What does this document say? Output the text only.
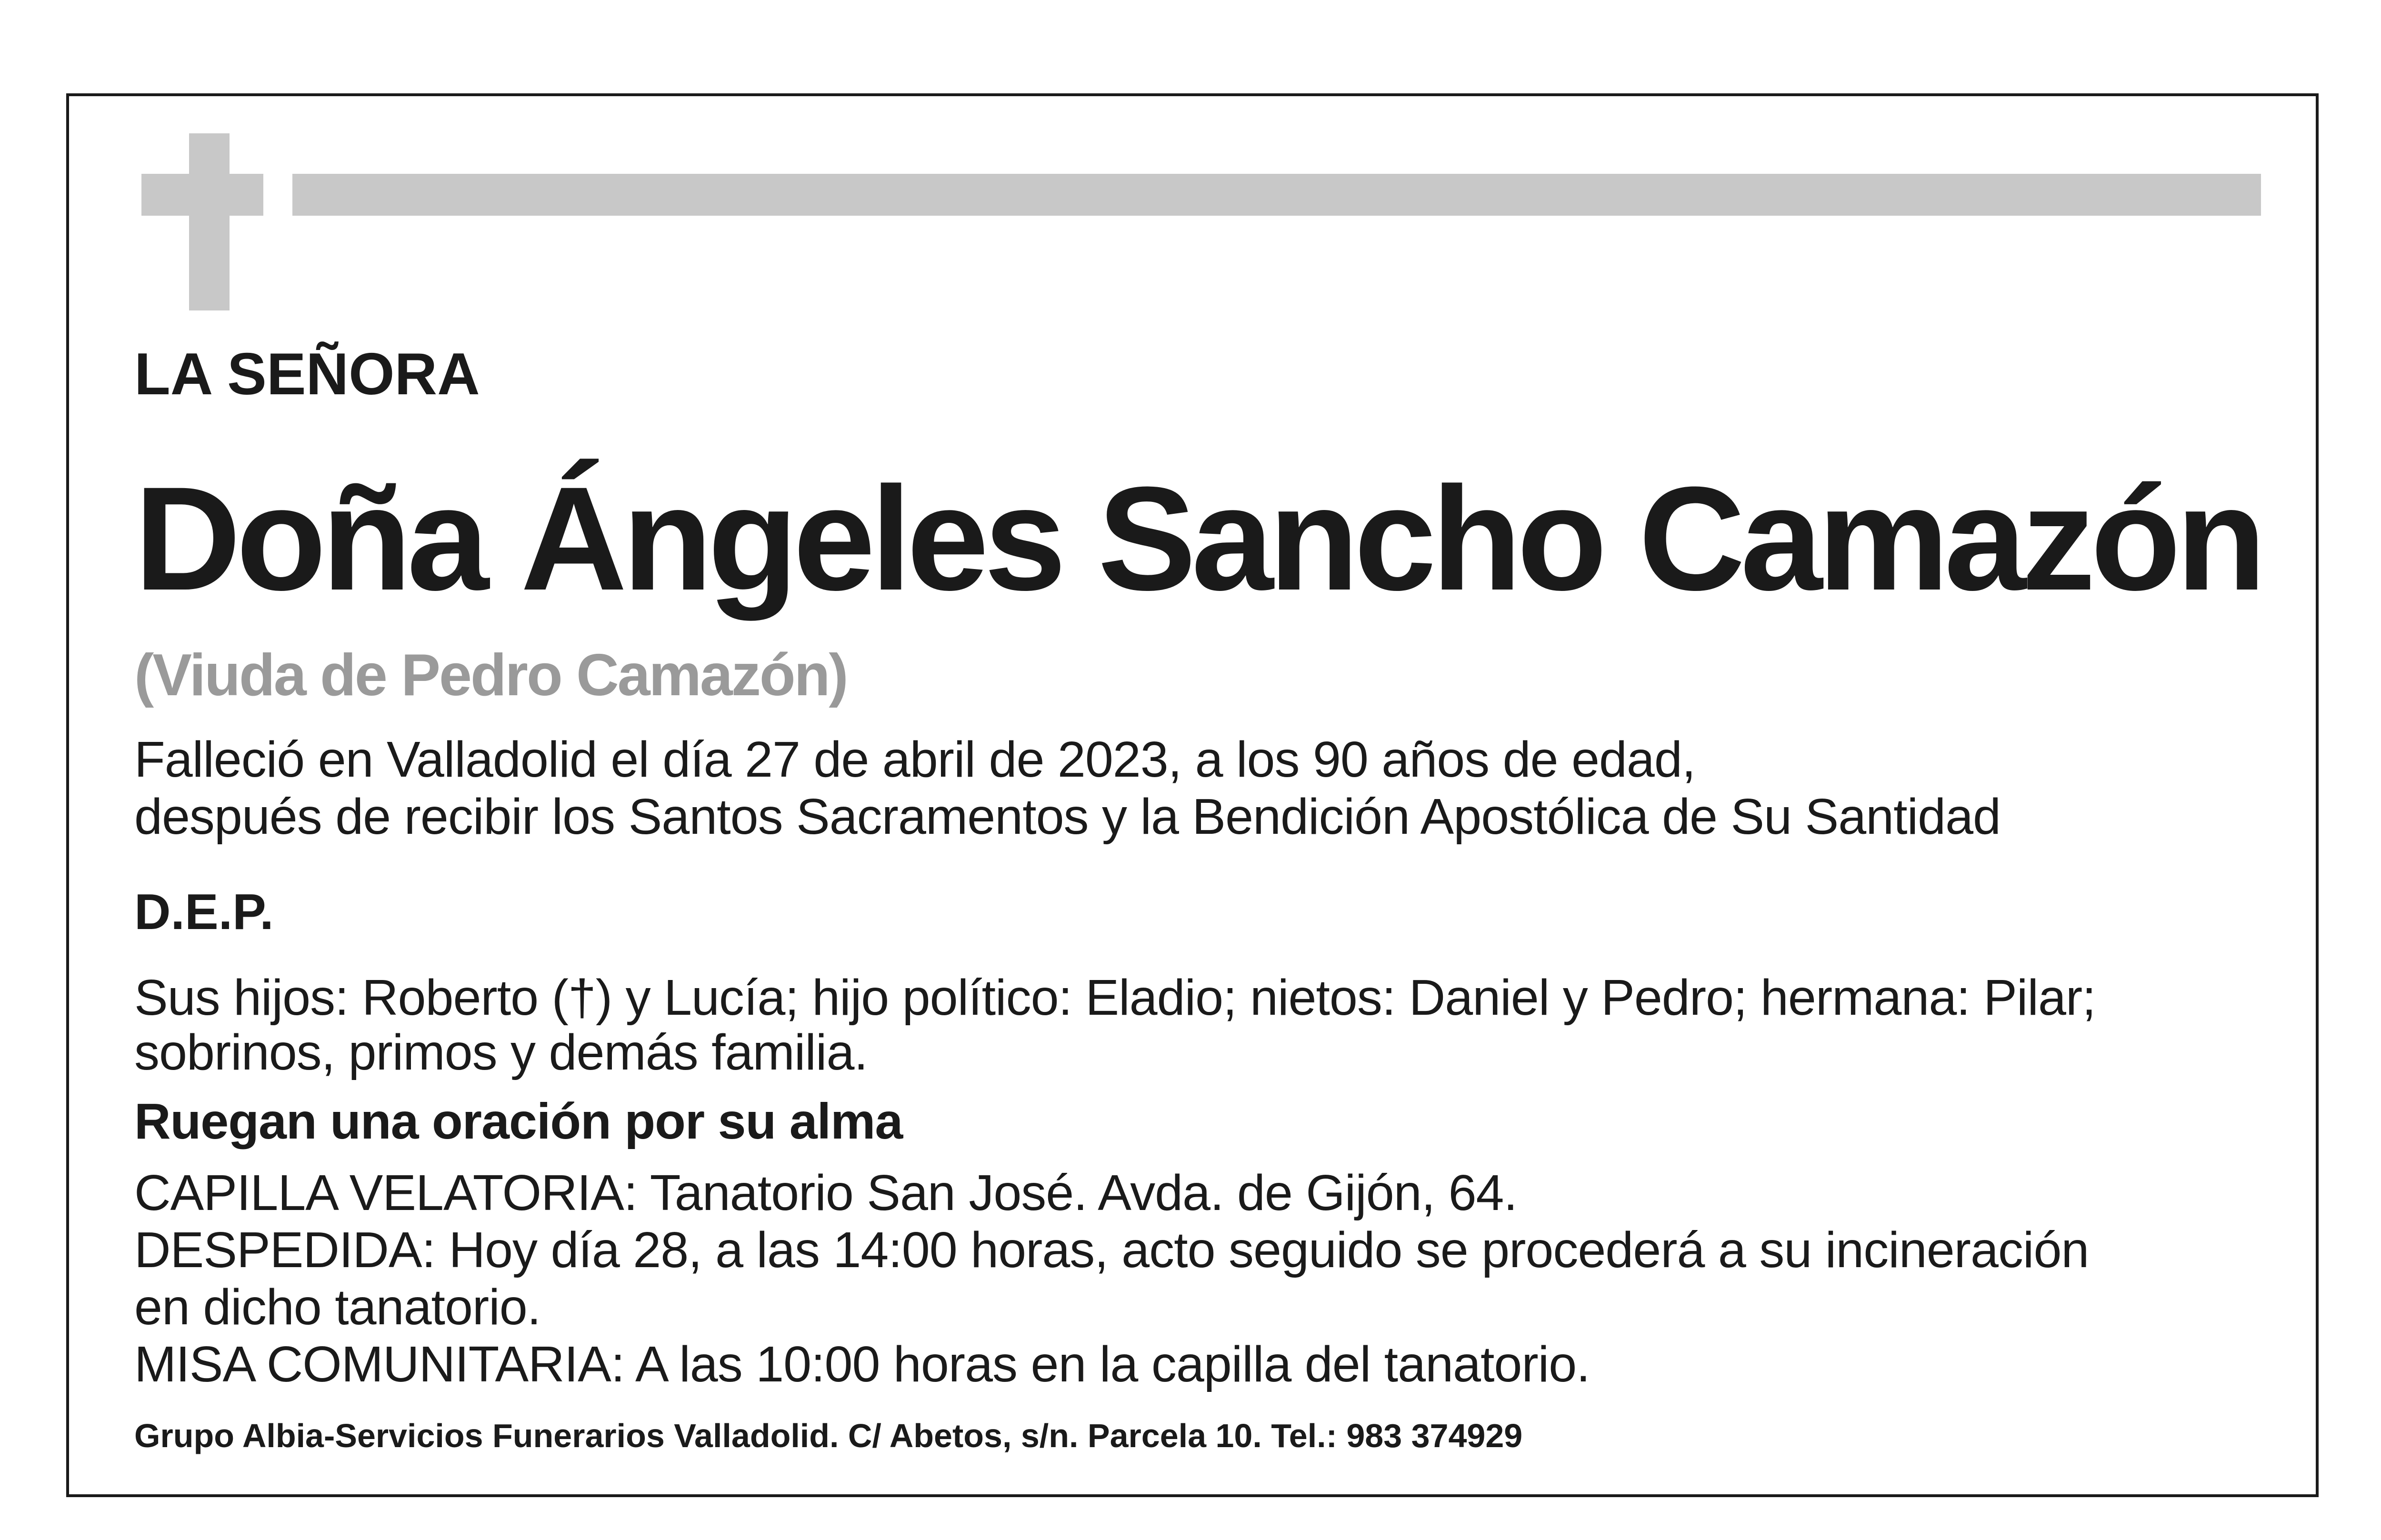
LA SEÑORA

Doña Ángeles Sancho Camazón

(Viuda de Pedro Camazón)

Falleció en Valladolid el día 27 de abril de 2023, a los 90 años de edad,

después de recibir los Santos Sacramentos y la Bendición Apostólica de Su Santidad

D.E.P.

Sus hijos: Roberto (†) y Lucía; hijo político: Eladio; nietos: Daniel y Pedro; hermana: Pilar;

sobrinos, primos y demás familia.

Ruegan una oración por su alma

CAPILLA VELATORIA: Tanatorio San José. Avda. de Gijón, 64.

DESPEDIDA: Hoy día 28, a las 14:00 horas, acto seguido se procederá a su incineración

en dicho tanatorio.

MISA COMUNITARIA: A las 10:00 horas en la capilla del tanatorio.

Grupo Albia-Servicios Funerarios Valladolid. C/ Abetos, s/n. Parcela 10. Tel.: 983 374929
